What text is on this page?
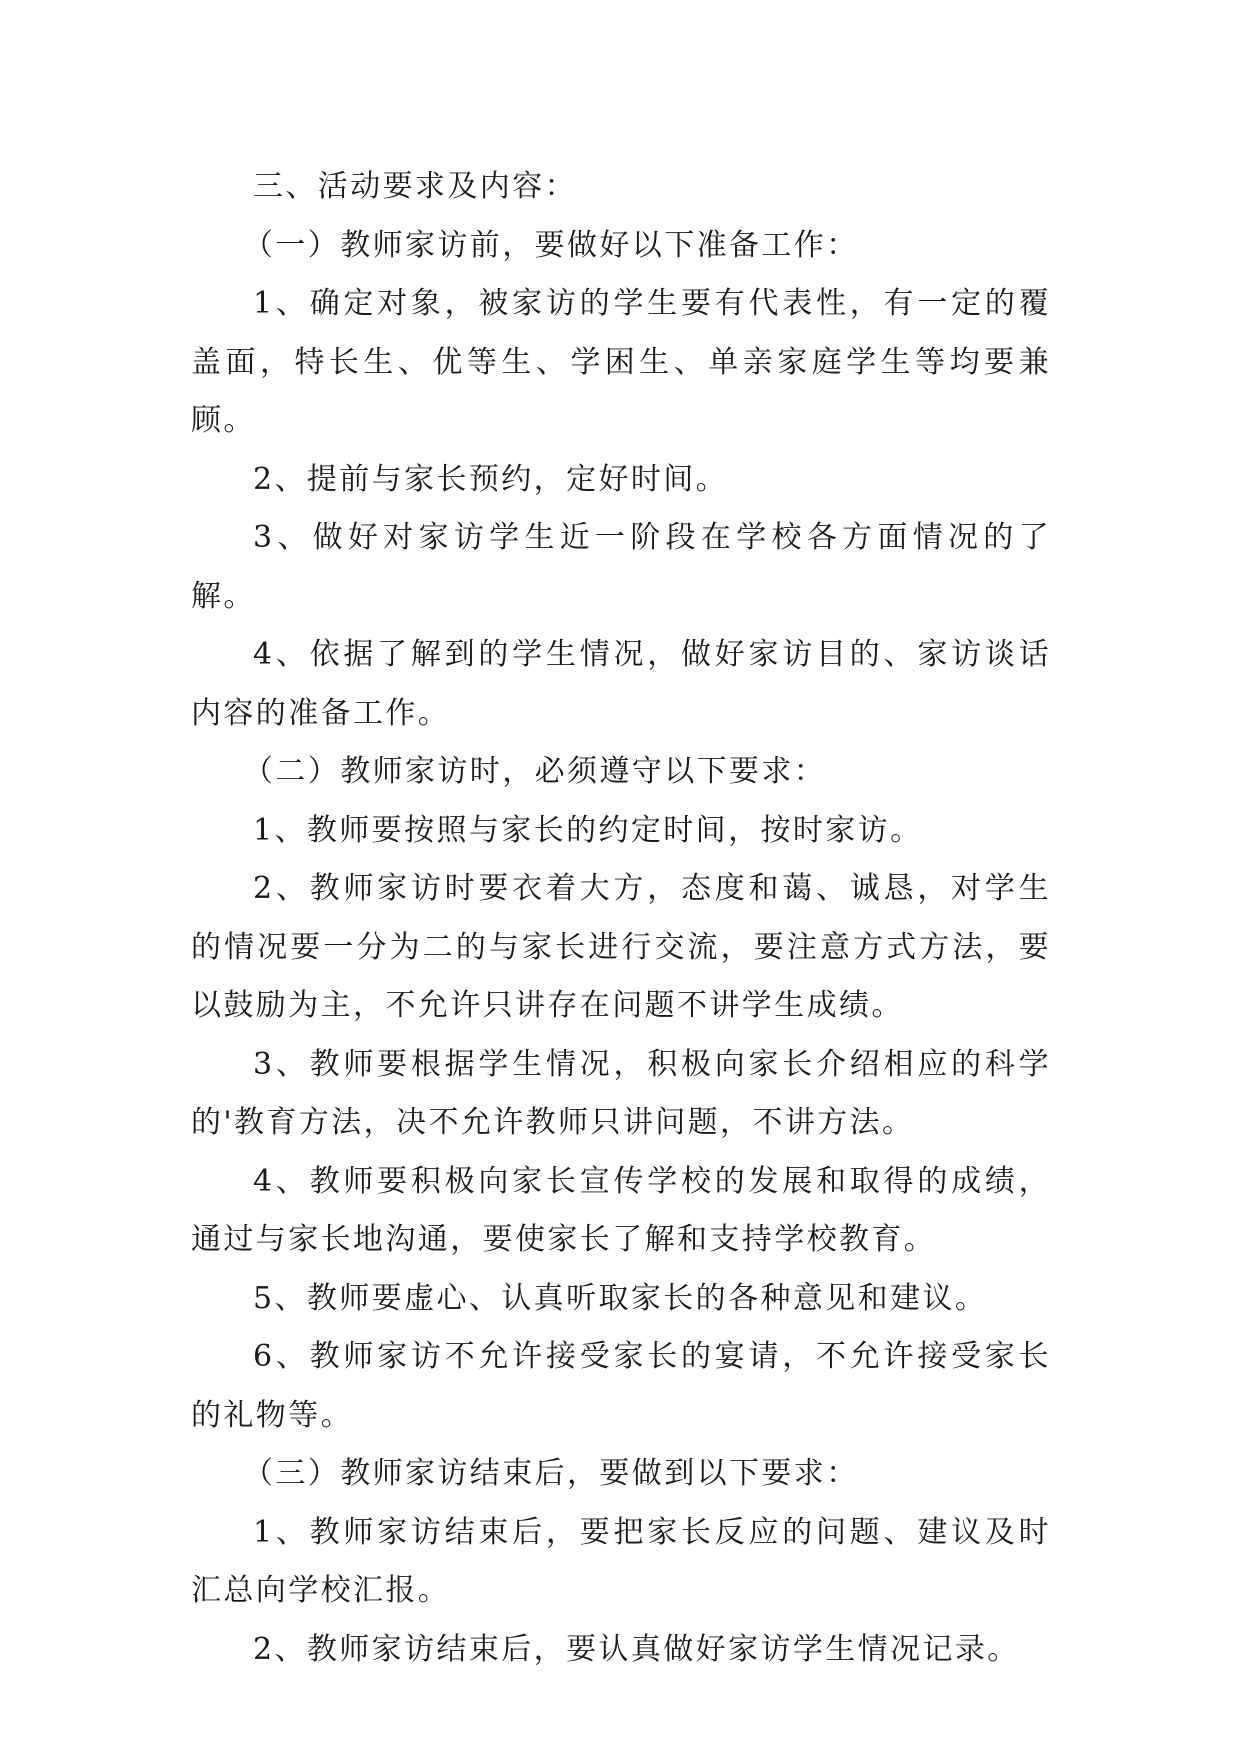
三、活动要求及内容：

（一）教师家访前，要做好以下准备工作：

1、确定对象，被家访的学生要有代表性，有一定的覆盖面，特长生、优等生、学困生、单亲家庭学生等均要兼顾。

2、提前与家长预约，定好时间。

3、做好对家访学生近一阶段在学校各方面情况的了解。

4、依据了解到的学生情况，做好家访目的、家访谈话内容的准备工作。

（二）教师家访时，必须遵守以下要求：

1、教师要按照与家长的约定时间，按时家访。

2、教师家访时要衣着大方，态度和蔼、诚恳，对学生的情况要一分为二的与家长进行交流，要注意方式方法，要以鼓励为主，不允许只讲存在问题不讲学生成绩。

3、教师要根据学生情况，积极向家长介绍相应的科学的'教育方法，决不允许教师只讲问题，不讲方法。

4、教师要积极向家长宣传学校的发展和取得的成绩，通过与家长地沟通，要使家长了解和支持学校教育。

5、教师要虚心、认真听取家长的各种意见和建议。

6、教师家访不允许接受家长的宴请，不允许接受家长的礼物等。

（三）教师家访结束后，要做到以下要求：

1、教师家访结束后，要把家长反应的问题、建议及时汇总向学校汇报。

2、教师家访结束后，要认真做好家访学生情况记录。
